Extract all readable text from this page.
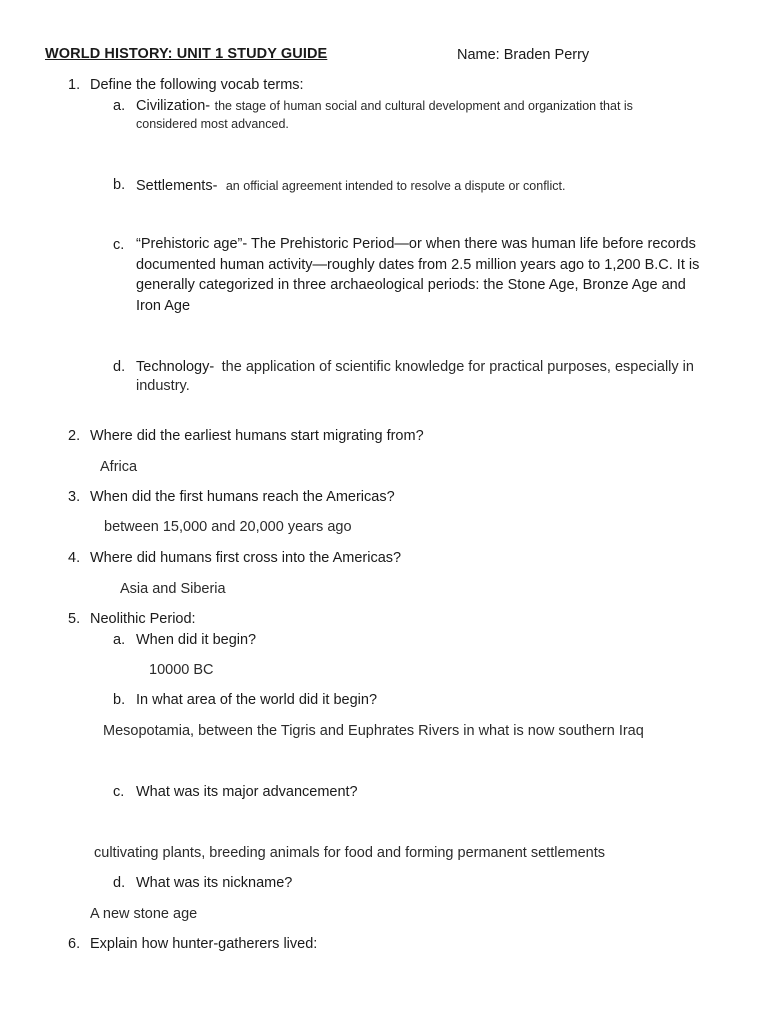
WORLD HISTORY: UNIT 1 STUDY GUIDE	Name: Braden Perry
1. Define the following vocab terms:
a. Civilization- the stage of human social and cultural development and organization that is
considered most advanced.
b. Settlements- an official agreement intended to resolve a dispute or conflict.
c. “Prehistoric age”- The Prehistoric Period—or when there was human life before records
documented human activity—roughly dates from 2.5 million years ago to 1,200 B.C. It is
generally categorized in three archaeological periods: the Stone Age, Bronze Age and
Iron Age
d. Technology- the application of scientific knowledge for practical purposes, especially in
industry.
2. Where did the earliest humans start migrating from?
Africa
3. When did the first humans reach the Americas?
between 15,000 and 20,000 years ago
4. Where did humans first cross into the Americas?
Asia and Siberia
5. Neolithic Period:
a. When did it begin?
10000 BC
b. In what area of the world did it begin?
Mesopotamia, between the Tigris and Euphrates Rivers in what is now southern Iraq
c. What was its major advancement?
cultivating plants, breeding animals for food and forming permanent settlements
d. What was its nickname?
A new stone age
6. Explain how hunter-gatherers lived:
